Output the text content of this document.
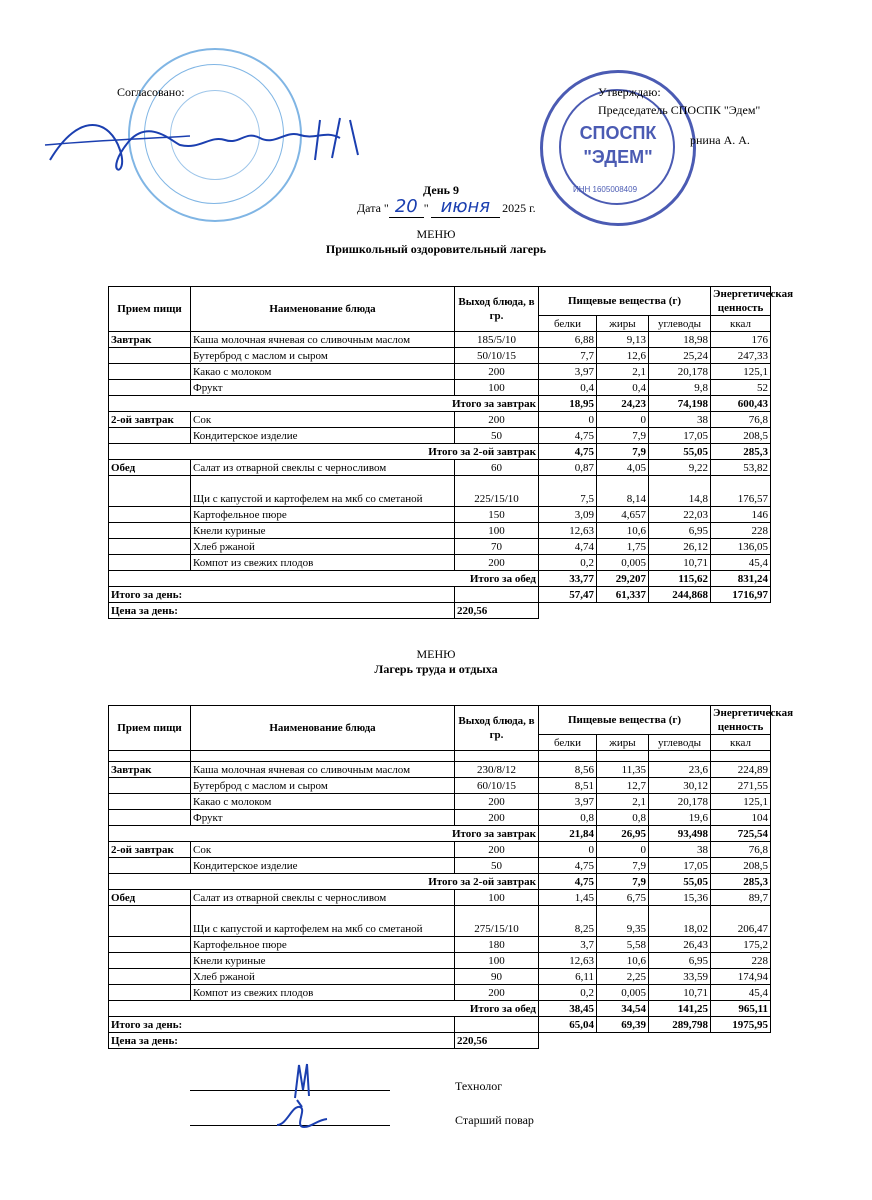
Согласовано:
СПОСПК
"ЭДЕМ"
ИНН 1605008409
Утверждаю:
Председатель СПОСПК "Эдем"
рнина А. А.
День 9
Дата " 20 " июня 2025 г.
МЕНЮ
Пришкольный оздоровительный лагерь
Прием пищи	Наименование блюда	Выход блюда, в гр.	Пищевые вещества (г)			Энергетическая ценность
			белки	жиры	углеводы	ккал
Завтрак	Каша молочная ячневая со сливочным маслом	185/5/10	6,88	9,13	18,98	176
	Бутерброд с маслом и сыром	50/10/15	7,7	12,6	25,24	247,33
	Какао с молоком	200	3,97	2,1	20,178	125,1
	Фрукт	100	0,4	0,4	9,8	52
Итого за завтрак			18,95	24,23	74,198	600,43
2-ой завтрак	Сок	200	0	0	38	76,8
	Кондитерское изделие	50	4,75	7,9	17,05	208,5
Итого за 2-ой завтрак			4,75	7,9	55,05	285,3
Обед	Салат из отварной свеклы с черносливом	60	0,87	4,05	9,22	53,82
	Щи с капустой и картофелем на мкб со сметаной	225/15/10	7,5	8,14	14,8	176,57
	Картофельное пюре	150	3,09	4,657	22,03	146
	Кнели куриные	100	12,63	10,6	6,95	228
	Хлеб ржаной	70	4,74	1,75	26,12	136,05
	Компот из свежих плодов	200	0,2	0,005	10,71	45,4
Итого за обед			33,77	29,207	115,62	831,24
Итого за день:			57,47	61,337	244,868	1716,97
Цена за день:		220,56				
МЕНЮ
Лагерь труда и отдыха
Прием пищи	Наименование блюда	Выход блюда, в гр.	Пищевые вещества (г)			Энергетическая ценность
			белки	жиры	углеводы	ккал

Завтрак	Каша молочная ячневая со сливочным маслом	230/8/12	8,56	11,35	23,6	224,89
	Бутерброд с маслом и сыром	60/10/15	8,51	12,7	30,12	271,55
	Какао с молоком	200	3,97	2,1	20,178	125,1
	Фрукт	200	0,8	0,8	19,6	104
Итого за завтрак			21,84	26,95	93,498	725,54
2-ой завтрак	Сок	200	0	0	38	76,8
	Кондитерское изделие	50	4,75	7,9	17,05	208,5
Итого за 2-ой завтрак			4,75	7,9	55,05	285,3
Обед	Салат из отварной свеклы с черносливом	100	1,45	6,75	15,36	89,7
	Щи с капустой и картофелем на мкб со сметаной	275/15/10	8,25	9,35	18,02	206,47
	Картофельное пюре	180	3,7	5,58	26,43	175,2
	Кнели куриные	100	12,63	10,6	6,95	228
	Хлеб ржаной	90	6,11	2,25	33,59	174,94
	Компот из свежих плодов	200	0,2	0,005	10,71	45,4
Итого за обед			38,45	34,54	141,25	965,11
Итого за день:			65,04	69,39	289,798	1975,95
Цена за день:		220,56				
Технолог
Старший повар
